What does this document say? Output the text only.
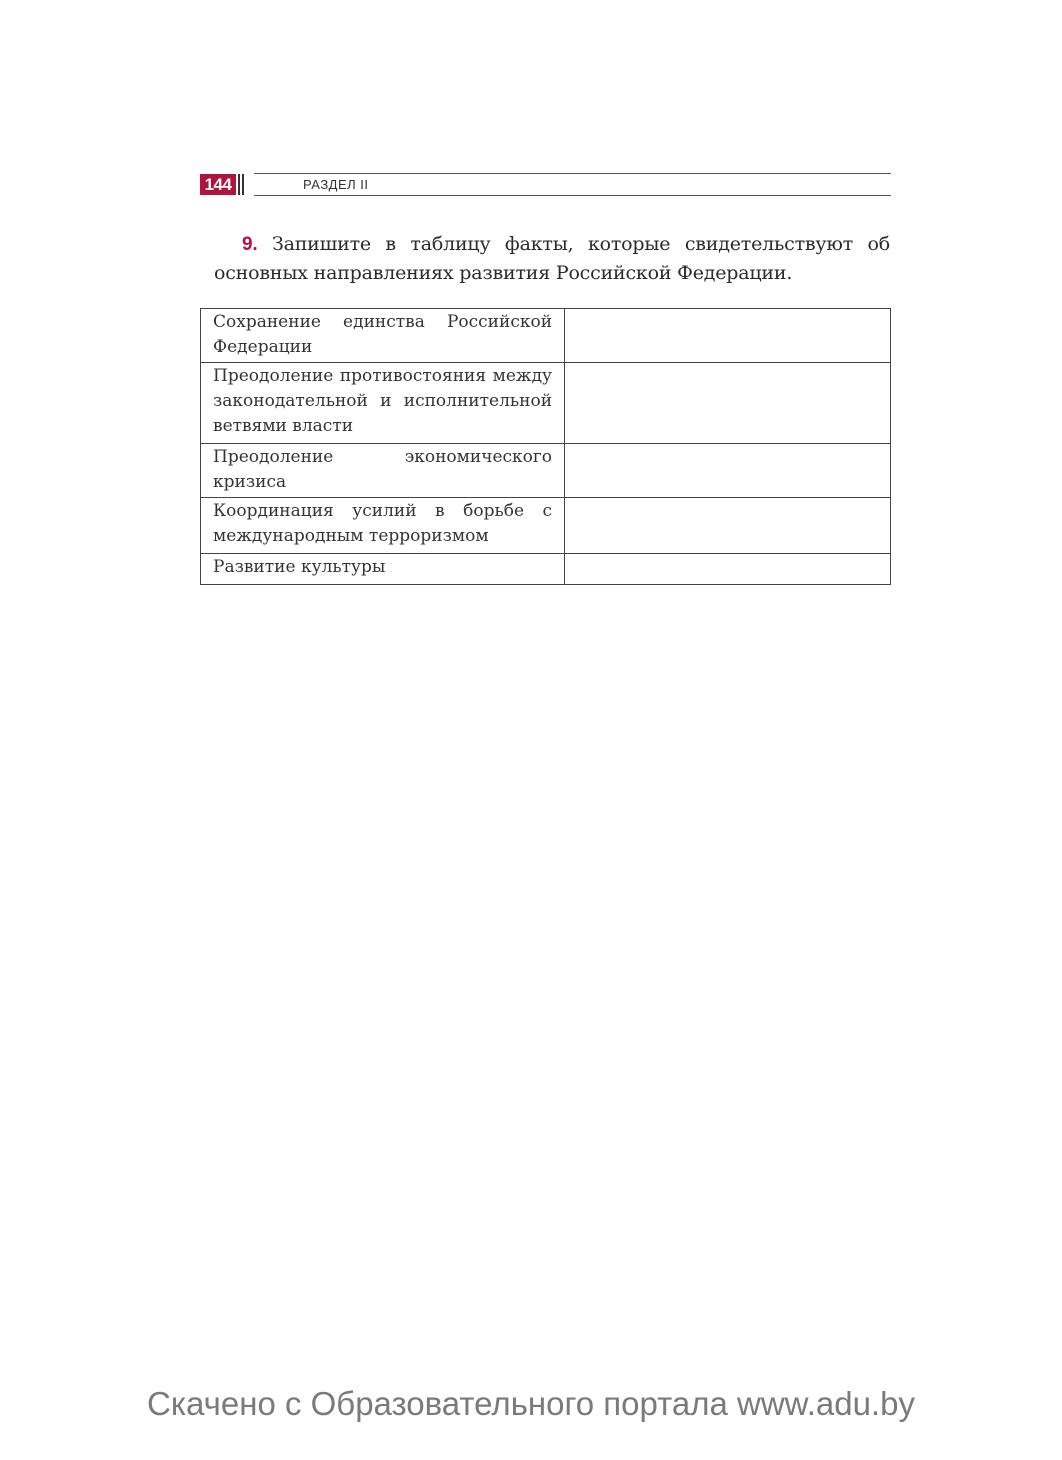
144	РАЗДЕЛ II
9. Запишите в таблицу факты, которые свидетельствуют об основных направлениях развития Российской Федерации.
Сохранение единства Российской Федерации	
Преодоление противостояния между законодательной и исполнительной ветвями власти	
Преодоление экономического кризиса	
Координация усилий в борьбе с международным терроризмом	
Развитие культуры	
Скачено с Образовательного портала www.adu.by
